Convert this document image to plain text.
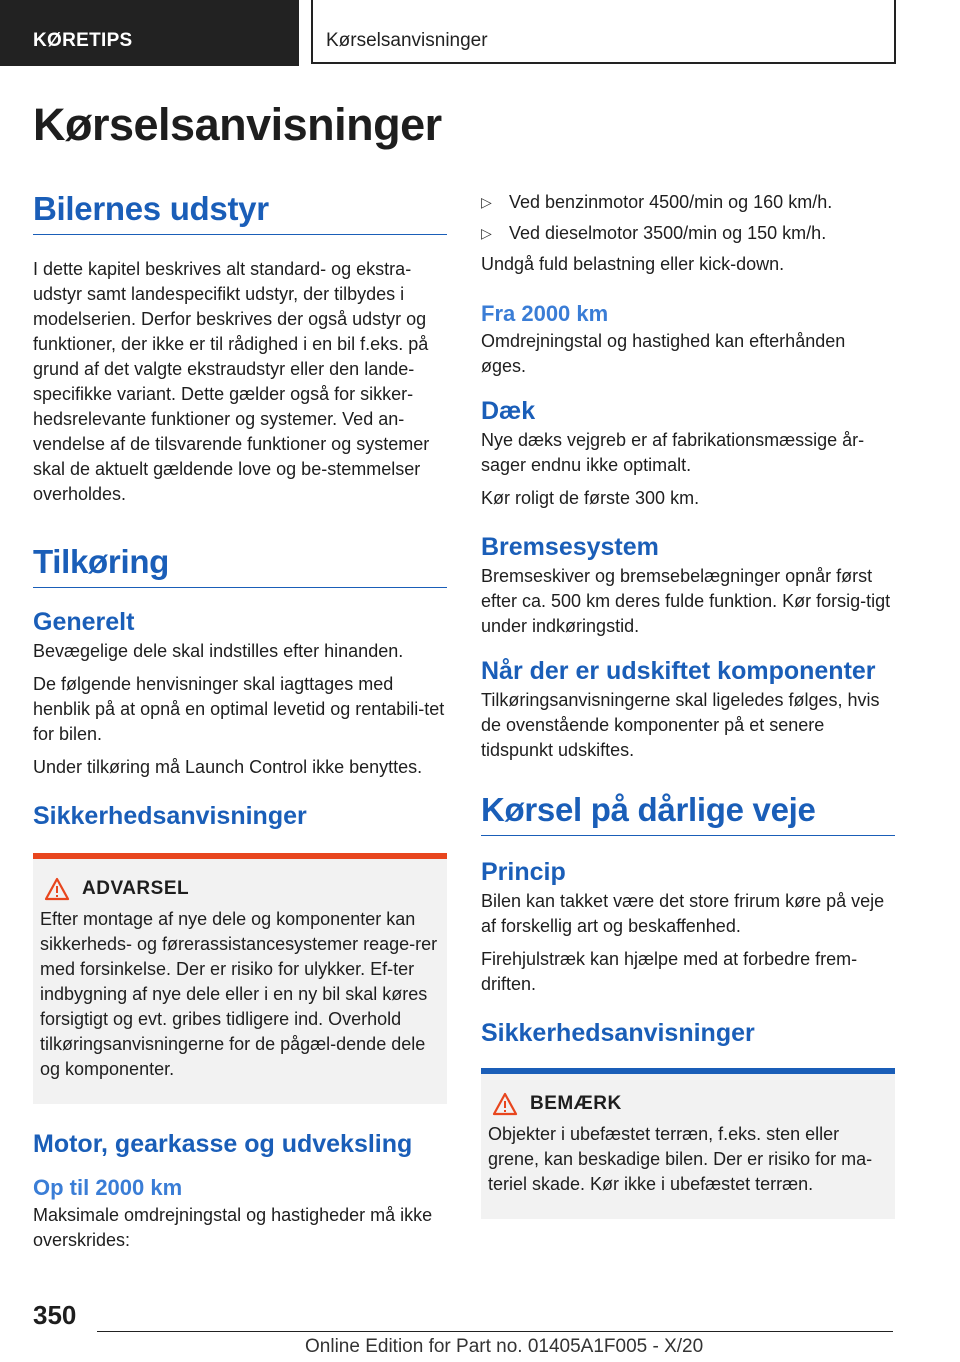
KØRETIPS	Kørselsanvisninger
Kørselsanvisninger
Bilernes udstyr

I dette kapitel beskrives alt standard- og ekstra-udstyr samt landespecifikt udstyr, der tilbydes i modelserien. Derfor beskrives der også udstyr og funktioner, der ikke er til rådighed i en bil f.eks. på grund af det valgte ekstraudstyr eller den lande-specifikke variant. Dette gælder også for sikker-hedsrelevante funktioner og systemer. Ved an-vendelse af de tilsvarende funktioner og systemer skal de aktuelt gældende love og be-stemmelser overholdes.

Tilkøring
Generelt

Bevægelige dele skal indstilles efter hinanden.

De følgende henvisninger skal iagttages med henblik på at opnå en optimal levetid og rentabili-tet for bilen.

Under tilkøring må Launch Control ikke benyttes.

Sikkerhedsanvisninger
ADVARSEL

Efter montage af nye dele og komponenter kan sikkerheds- og førerassistancesystemer reage-rer med forsinkelse. Der er risiko for ulykker. Ef-ter indbygning af nye dele eller i en ny bil skal køres forsigtigt og evt. gribes tidligere ind. Overhold tilkøringsanvisningerne for de pågæl-dende dele og komponenter.

Motor, gearkasse og udveksling
Op til 2000 km

Maksimale omdrejningstal og hastigheder må ikke overskrides:

▷ Ved benzinmotor 4500/min og 160 km/h.
▷ Ved dieselmotor 3500/min og 150 km/h.

Undgå fuld belastning eller kick-down.

Fra 2000 km

Omdrejningstal og hastighed kan efterhånden øges.

Dæk

Nye dæks vejgreb er af fabrikationsmæssige år-sager endnu ikke optimalt.

Kør roligt de første 300 km.

Bremsesystem

Bremseskiver og bremsebelægninger opnår først efter ca. 500 km deres fulde funktion. Kør forsig-tigt under indkøringstid.

Når der er udskiftet komponenter

Tilkøringsanvisningerne skal ligeledes følges, hvis de ovenstående komponenter på et senere tidspunkt udskiftes.

Kørsel på dårlige veje
Princip

Bilen kan takket være det store frirum køre på veje af forskellig art og beskaffenhed.

Firehjulstræk kan hjælpe med at forbedre frem-driften.

Sikkerhedsanvisninger
BEMÆRK

Objekter i ubefæstet terræn, f.eks. sten eller grene, kan beskadige bilen. Der er risiko for ma-teriel skade. Kør ikke i ubefæstet terræn.

350
Online Edition for Part no. 01405A1F005 - X/20
